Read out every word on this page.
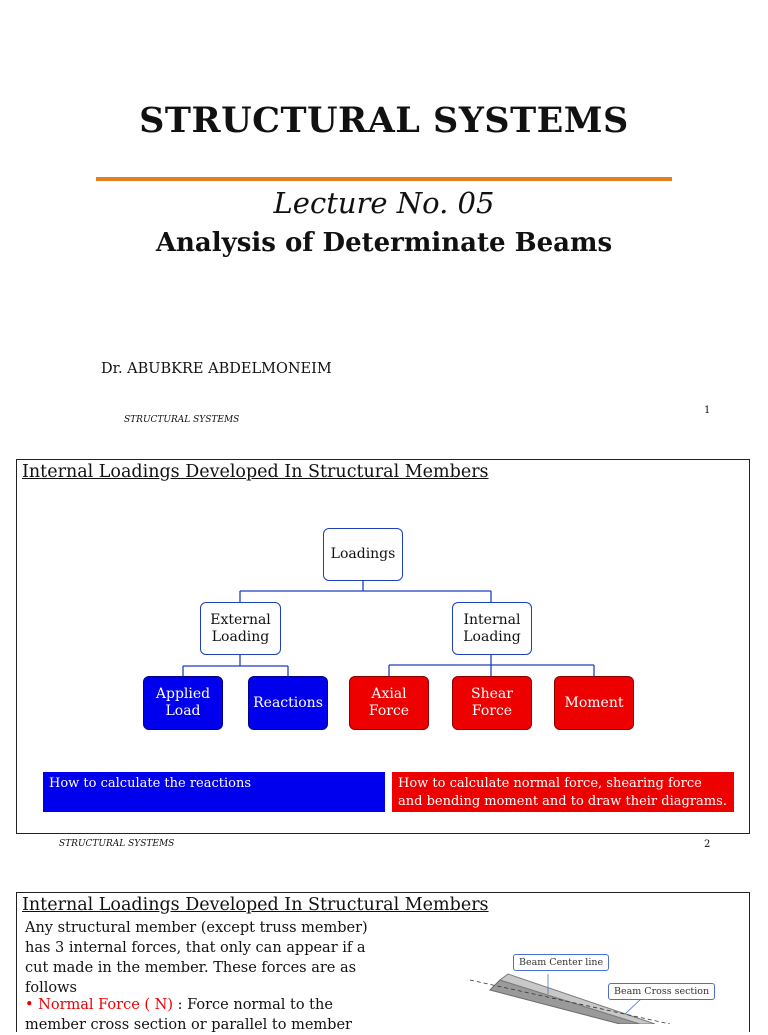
STRUCTURAL SYSTEMS
Lecture No. 05
Analysis of Determinate Beams
Dr. ABUBKRE ABDELMONEIM
STRUCTURAL SYSTEMS
1
Internal Loadings Developed In Structural Members
Loadings
External
Loading
Internal
Loading
Applied
Load
Reactions
Axial
Force
Shear
Force
Moment
How to calculate the reactions	How to calculate normal force, shearing force and bending moment and to draw their diagrams.
STRUCTURAL SYSTEMS	2
Internal Loadings Developed In Structural Members
Any structural member (except truss member) has 3 internal forces, that only can appear if a cut made in the member. These forces are as follows
• Normal Force ( N) : Force normal to the member cross section or parallel to member
Beam Center line
Beam Cross section
